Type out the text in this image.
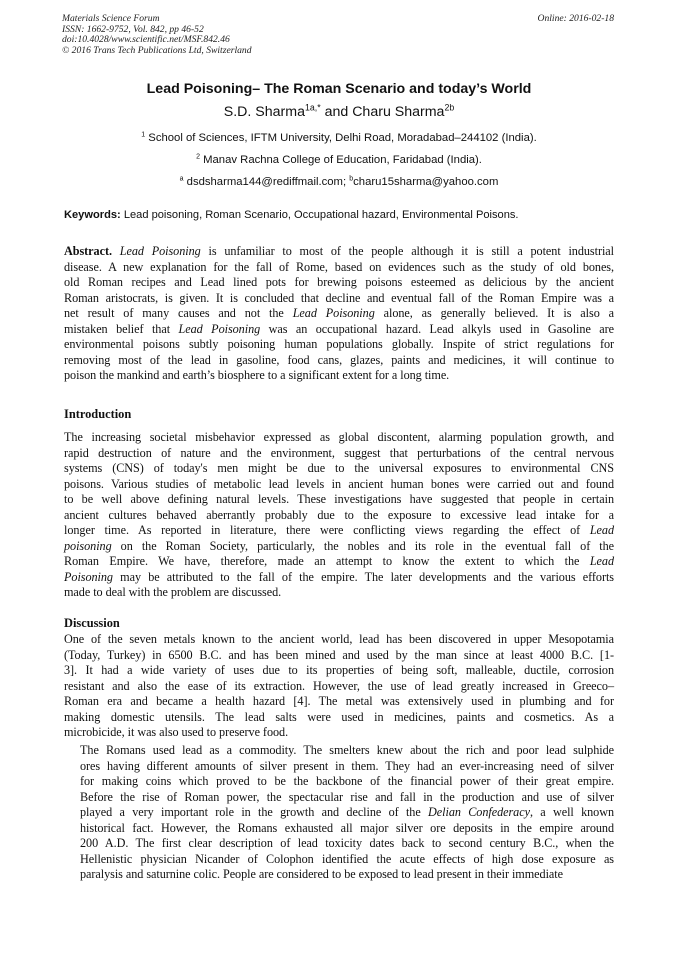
Materials Science Forum
ISSN: 1662-9752, Vol. 842, pp 46-52
doi:10.4028/www.scientific.net/MSF.842.46
© 2016 Trans Tech Publications Ltd, Switzerland
Online: 2016-02-18
Lead Poisoning– The Roman Scenario and today’s World
S.D. Sharma$^{1a,*}$ and Charu Sharma$^{2b}$
$^1$ School of Sciences, IFTM University, Delhi Road, Moradabad–244102 (India).
$^2$ Manav Rachna College of Education, Faridabad (India).
$^a$ dsdsharma144@rediffmail.com; $^b$charu15sharma@yahoo.com
Keywords: Lead poisoning, Roman Scenario, Occupational hazard, Environmental Poisons.
Abstract. Lead Poisoning is unfamiliar to most of the people although it is still a potent industrial
disease. A new explanation for the fall of Rome, based on evidences such as the study of old bones,
old Roman recipes and Lead lined pots for brewing poisons esteemed as delicious by the ancient
Roman aristocrats, is given. It is concluded that decline and eventual fall of the Roman Empire was a
net result of many causes and not the Lead Poisoning alone, as generally believed. It is also a
mistaken belief that Lead Poisoning was an occupational hazard. Lead alkyls used in Gasoline are
environmental poisons subtly poisoning human populations globally. Inspite of strict regulations for
removing most of the lead in gasoline, food cans, glazes, paints and medicines, it will continue to
poison the mankind and earth’s biosphere to a significant extent for a long time.
Introduction
The increasing societal misbehavior expressed as global discontent, alarming population growth, and
rapid destruction of nature and the environment, suggest that perturbations of the central nervous
systems (CNS) of today's men might be due to the universal exposures to environmental CNS
poisons. Various studies of metabolic lead levels in ancient human bones were carried out and found
to be well above defining natural levels. These investigations have suggested that people in certain
ancient cultures behaved aberrantly probably due to the exposure to excessive lead intake for a
longer time. As reported in literature, there were conflicting views regarding the effect of Lead
poisoning on the Roman Society, particularly, the nobles and its role in the eventual fall of the
Roman Empire. We have, therefore, made an attempt to know the extent to which the Lead
Poisoning may be attributed to the fall of the empire. The later developments and the various efforts
made to deal with the problem are discussed.
Discussion
One of the seven metals known to the ancient world, lead has been discovered in upper Mesopotamia
(Today, Turkey) in 6500 B.C. and has been mined and used by the man since at least 4000 B.C. [1-
3]. It had a wide variety of uses due to its properties of being soft, malleable, ductile, corrosion
resistant and also the ease of its extraction. However, the use of lead greatly increased in Greeco–
Roman era and became a health hazard [4]. The metal was extensively used in plumbing and for
making domestic utensils. The lead salts were used in medicines, paints and cosmetics. As a
microbicide, it was also used to preserve food.
The Romans used lead as a commodity. The smelters knew about the rich and poor lead sulphide
ores having different amounts of silver present in them. They had an ever-increasing need of silver
for making coins which proved to be the backbone of the financial power of their great empire.
Before the rise of Roman power, the spectacular rise and fall in the production and use of silver
played a very important role in the growth and decline of the Delian Confederacy, a well known
historical fact. However, the Romans exhausted all major silver ore deposits in the empire around
200 A.D. The first clear description of lead toxicity dates back to second century B.C., when the
Hellenistic physician Nicander of Colophon identified the acute effects of high dose exposure as
paralysis and saturnine colic. People are considered to be exposed to lead present in their immediate
